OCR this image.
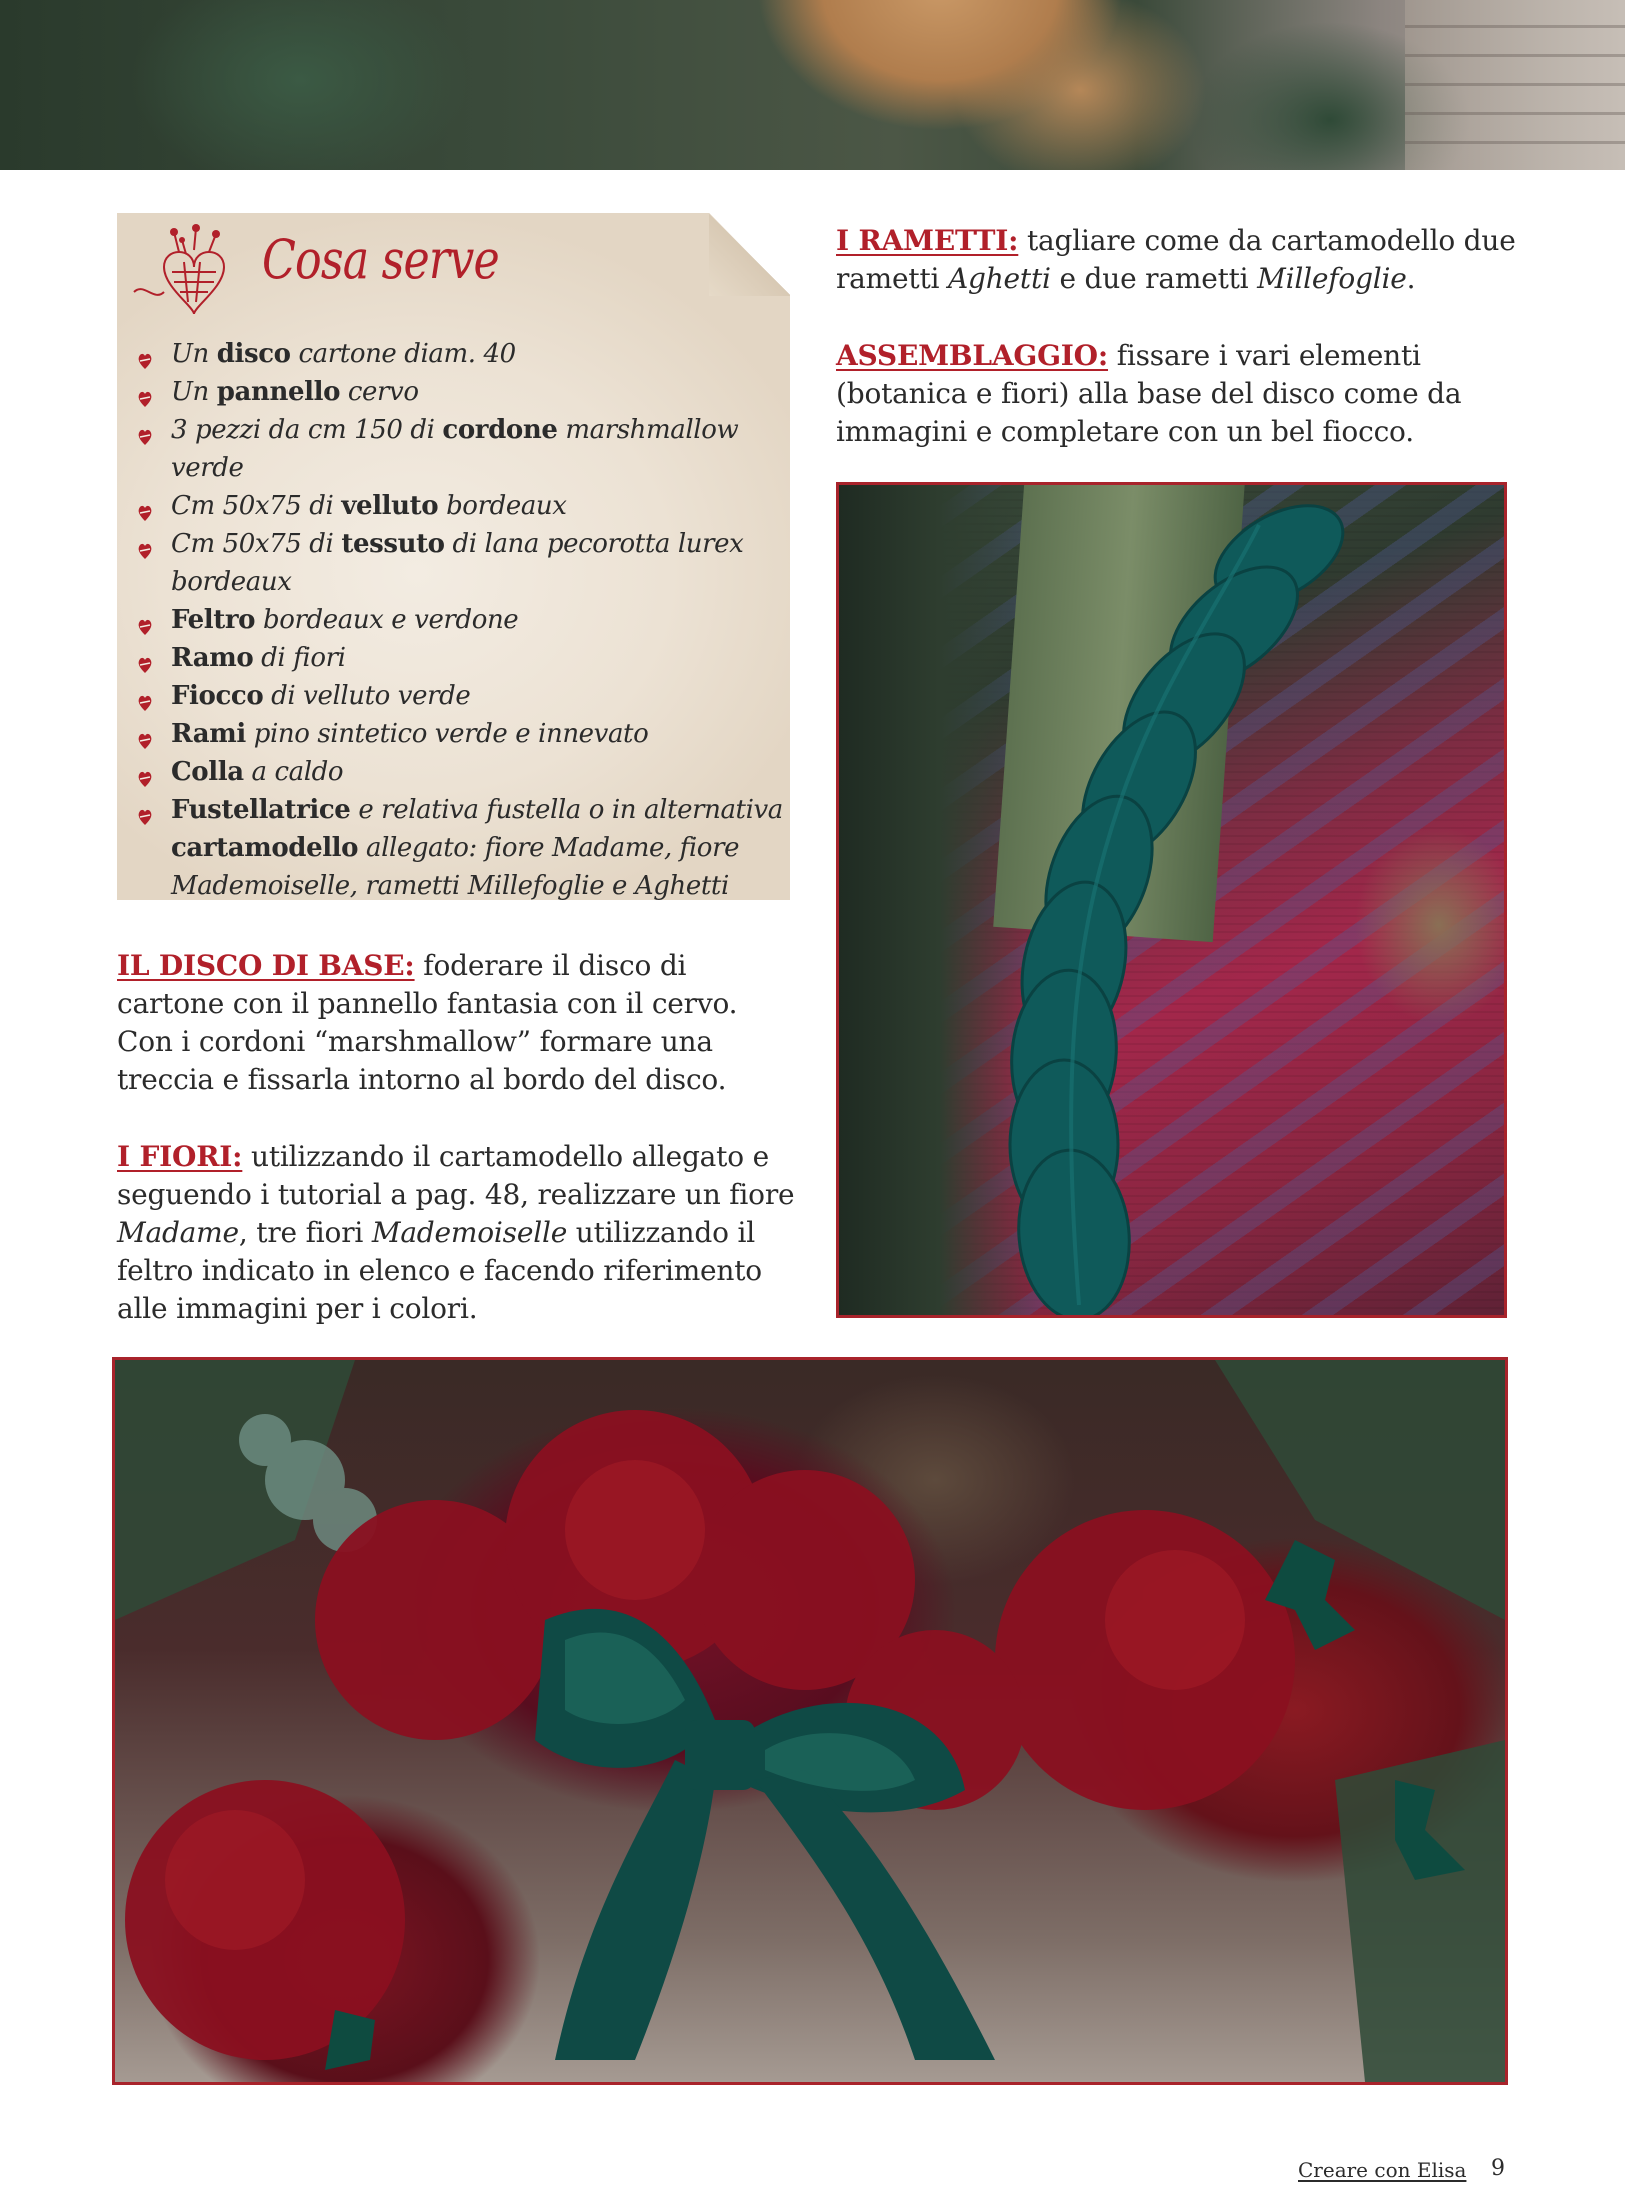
Cosa serve
Un disco cartone diam. 40
Un pannello cervo
3 pezzi da cm 150 di cordone marshmallow verde
Cm 50x75 di velluto bordeaux
Cm 50x75 di tessuto di lana pecorotta lurex bordeaux
Feltro bordeaux e verdone
Ramo di fiori
Fiocco di velluto verde
Rami pino sintetico verde e innevato
Colla a caldo
Fustellatrice e relativa fustella o in alternativa cartamodello allegato: fiore Madame, fiore Mademoiselle, rametti Millefoglie e Aghetti
IL DISCO DI BASE: foderare il disco di cartone con il pannello fantasia con il cervo. Con i cordoni “marshmallow” formare una treccia e fissarla intorno al bordo del disco.
I FIORI: utilizzando il cartamodello allegato e seguendo i tutorial a pag. 48, realizzare un fiore Madame, tre fiori Mademoiselle utilizzando il feltro indicato in elenco e facendo riferimento alle immagini per i colori.
I RAMETTI: tagliare come da cartamodello due rametti Aghetti e due rametti Millefoglie.
ASSEMBLAGGIO: fissare i vari elementi (botanica e fiori) alla base del disco come da immagini e completare con un bel fiocco.
Creare con Elisa 9
